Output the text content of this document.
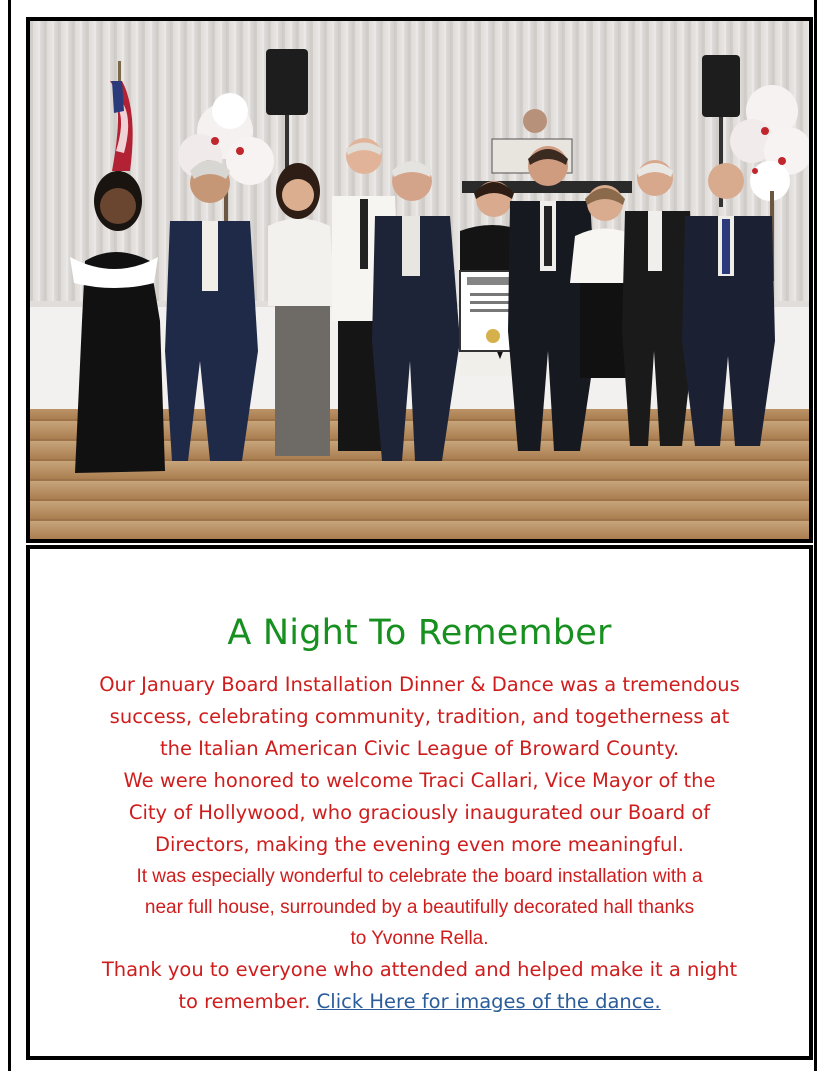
A Night To Remember

Our January Board Installation Dinner & Dance was a tremendous

success, celebrating community, tradition, and togetherness at

the Italian American Civic League of Broward County.

We were honored to welcome Traci Callari, Vice Mayor of the

City of Hollywood, who graciously inaugurated our Board of

Directors, making the evening even more meaningful.

It was especially wonderful to celebrate the board installation with a

near full house, surrounded by a beautifully decorated hall thanks

to Yvonne Rella.

Thank you to everyone who attended and helped make it a night

to remember. Click Here for images of the dance.
